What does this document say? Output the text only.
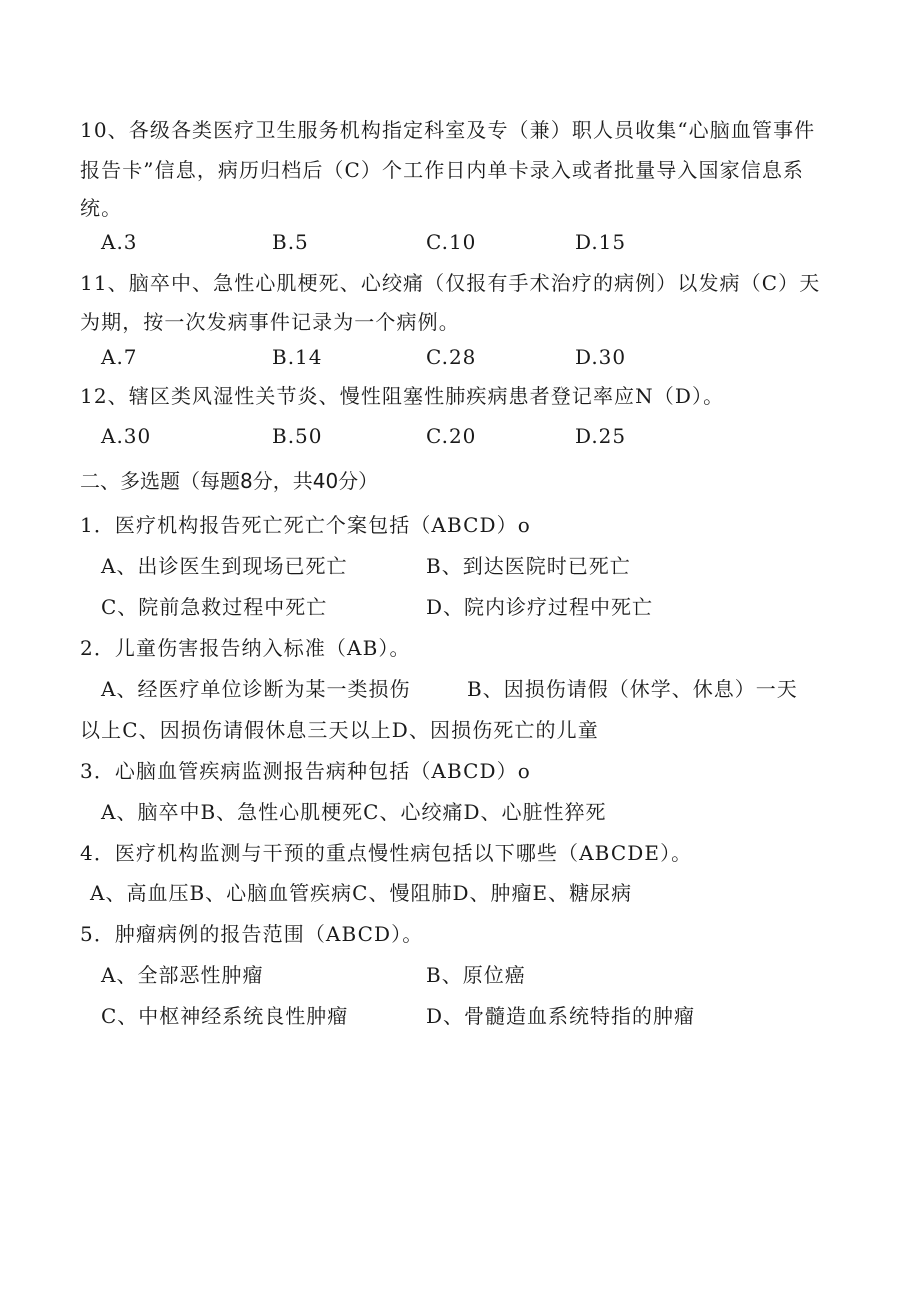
10、各级各类医疗卫生服务机构指定科室及专（兼）职人员收集“心脑血管事件
报告卡”信息，病历归档后（C）个工作日内单卡录入或者批量导入国家信息系
统。
A.3	B.5	C.10	D.15
11、脑卒中、急性心肌梗死、心绞痛（仅报有手术治疗的病例）以发病（C）天
为期，按一次发病事件记录为一个病例。
A.7	B.14	C.28	D.30
12、辖区类风湿性关节炎、慢性阻塞性肺疾病患者登记率应N（D）。
A.30	B.50	C.20	D.25
二、多选题（每题8分，共40分）
1．医疗机构报告死亡死亡个案包括（ABCD）o
A、出诊医生到现场已死亡	B、到达医院时已死亡
C、院前急救过程中死亡	D、院内诊疗过程中死亡
2．儿童伤害报告纳入标准（AB）。
A、经医疗单位诊断为某一类损伤	B、因损伤请假（休学、休息）一天
以上C、因损伤请假休息三天以上D、因损伤死亡的儿童
3．心脑血管疾病监测报告病种包括（ABCD）o
A、脑卒中B、急性心肌梗死C、心绞痛D、心脏性猝死
4．医疗机构监测与干预的重点慢性病包括以下哪些（ABCDE）。
A、高血压B、心脑血管疾病C、慢阻肺D、肿瘤E、糖尿病
5．肿瘤病例的报告范围（ABCD）。
A、全部恶性肿瘤	B、原位癌
C、中枢神经系统良性肿瘤	D、骨髓造血系统特指的肿瘤
